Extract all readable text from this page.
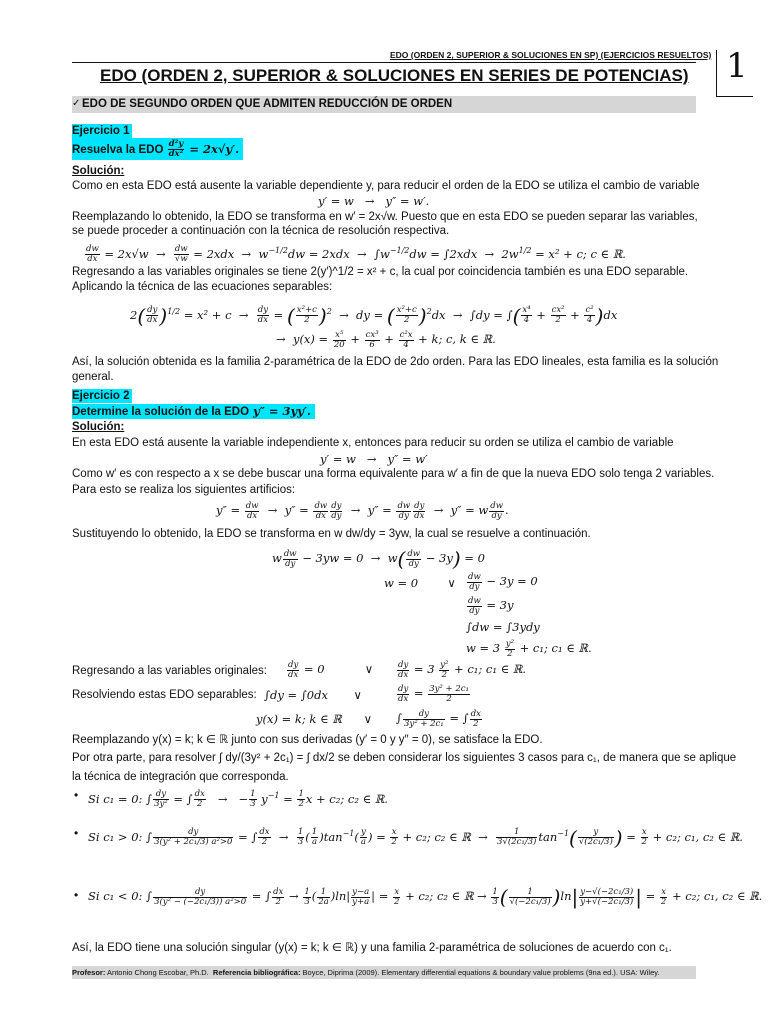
EDO (ORDEN 2, SUPERIOR & SOLUCIONES EN SP) (EJERCICIOS RESUELTOS) 1
EDO (ORDEN 2, SUPERIOR & SOLUCIONES EN SERIES DE POTENCIAS)
✓ EDO DE SEGUNDO ORDEN QUE ADMITEN REDUCCIÓN DE ORDEN
Ejercicio 1
Resuelva la EDO $\frac{\text{d²y}}{\text{dx²}} = 2x√y'$.
Solución:
Como en esta EDO está ausente la variable dependiente y, para reducir el orden de la EDO se utiliza el cambio de variable
y′ = w   →   y″ = w′.
Reemplazando lo obtenido, la EDO se transforma en w′ = 2x√w. Puesto que en esta EDO se pueden separar las variables,
se puede proceder a continuación con la técnica de resolución respectiva.
$\frac{dw}{dx} = 2x√w \to \frac{dw}{√w} = 2xdx \to w^{-1/2}dw = 2xdx \to \int w^{-1/2}dw = \int 2xdx \to 2w^{1/2} = x^2 + c$; c ∈ ℝ.
Regresando a las variables originales se tiene 2(y′)^1/2 = x² + c, la cual por coincidencia también es una EDO separable.
Aplicando la técnica de las ecuaciones separables:
$2( \frac{dy}{dx} )^{1/2} = x^2 + c \to \frac{dy}{dx}$ = ( $\frac{\text{x²+c}}{2} )^2$  →  dy = ( $\frac{\text{x²+c}}{2} )^2dx \to \int dy$ = ∫( $\frac{\text{x⁴}}{4} + \frac{\text{cx²}}{2} + \frac{\text{c²}}{4} )dx$
→  $y(x) = \frac{\text{x⁵}}{20} + \frac{\text{cx³}}{6} + \frac{\text{c²x}}{4} + k$; c, k ∈ ℝ.
Así, la solución obtenida es la familia 2-paramétrica de la EDO de 2do orden. Para las EDO lineales, esta familia es la solución
general.
Ejercicio 2
Determine la solución de la EDO y″ = 3yy′.
Solución:
En esta EDO está ausente la variable independiente x, entonces para reducir su orden se utiliza el cambio de variable
y′ = w   →   y″ = w′
Como w′ es con respecto a x se debe buscar una forma equivalente para w′ a fin de que la nueva EDO solo tenga 2 variables.
Para esto se realiza los siguientes artificios:
$y'' = \frac{dw}{dx} \to y'' = \frac{dw}{dx} \frac{dy}{dy} \to y'' = \frac{dw}{dy} \frac{dy}{dx} \to y'' = w \frac{dw}{dy}$ .
Sustituyendo lo obtenido, la EDO se transforma en w dw/dy = 3yw, la cual se resuelve a continuación.
w $\frac{dw}{dy} - 3yw = 0 \to w( \frac{dw}{dy} - 3y) = 0$
w = 0        ∨ $\frac{dw}{dy} - 3y = 0$
$\frac{dw}{dy} = 3y$
∫dw = ∫3ydy
$w = 3 \frac{\text{y²}}{2} + c_1$; c₁ ∈ ℝ.
Regresando a las variables originales: $\frac{dy}{dx} = 0$           ∨	$\frac{dy}{dx} = 3 \frac{\text{y²}}{2} + c_1$; c₁ ∈ ℝ.
Resolviendo estas EDO separables: ∫dy = ∫0dx       ∨	$\frac{dy}{dx} = \frac{\text{3y² + 2c₁}}{2}$
y(x) = k; k ∈ ℝ      ∨ ∫ $\frac{dy}{\text{3y² + 2c₁}}$ = ∫ $\frac{dx}{2}$
Reemplazando y(x) = k; k ∈ ℝ junto con sus derivadas (y′ = 0 y y″ = 0), se satisface la EDO.
Por otra parte, para resolver ∫ dy/(3y² + 2c₁) = ∫ dx/2 se deben considerar los siguientes 3 casos para c₁, de manera que se aplique
la técnica de integración que corresponda.
• Si c₁ = 0: ∫ $\frac{dy}{\text{3y²}}$ = ∫ $\frac{dx}{2}$ →   − $\frac{1}{3} y^{-1} = \frac{1}{2}$ x + c₂; c₂ ∈ ℝ.
• Si c₁ > 0: ∫ $\frac{dy}{\text{3(y² + 2c₁/3) a²>0}}$ = ∫ $\frac{dx}{2} \to \frac{1}{3}$ ( $\frac{1}{a} )\tan^{-1}( \frac{y}{a}$ ) = $\frac{x}{2} + c_2$; c₂ ∈ ℝ  → $\frac{1}{\text{3√(2c₁/3)}} \tan^{-1}( \frac{y}{\text{√(2c₁/3)}}$ ) = $\frac{x}{2} + c_2$; c₁, c₂ ∈ ℝ.
• Si c₁ < 0: ∫ $\frac{dy}{\text{3(y² − (−2c₁/3)) a²>0}}$ = ∫ $\frac{dx}{2} \to \frac{1}{3}$ ( $\frac{1}{2a} )\ln| \frac{y-a}{y+a}$ | = $\frac{x}{2} + c_2$; c₂ ∈ ℝ → $\frac{1}{3}$ ( $\frac{1}{\text{√(−2c₁/3)}} )\ln| \frac{\text{y−√(−2c₁/3)}}{\text{y+√(−2c₁/3)}}$ | = $\frac{x}{2} + c_2$; c₁, c₂ ∈ ℝ.
Así, la EDO tiene una solución singular (y(x) = k; k ∈ ℝ) y una familia 2-paramétrica de soluciones de acuerdo con c₁.
Profesor: Antonio Chong Escobar, Ph.D. Referencia bibliográfica: Boyce, Diprima (2009). Elementary differential equations & boundary value problems (9na ed.). USA: Wiley.
